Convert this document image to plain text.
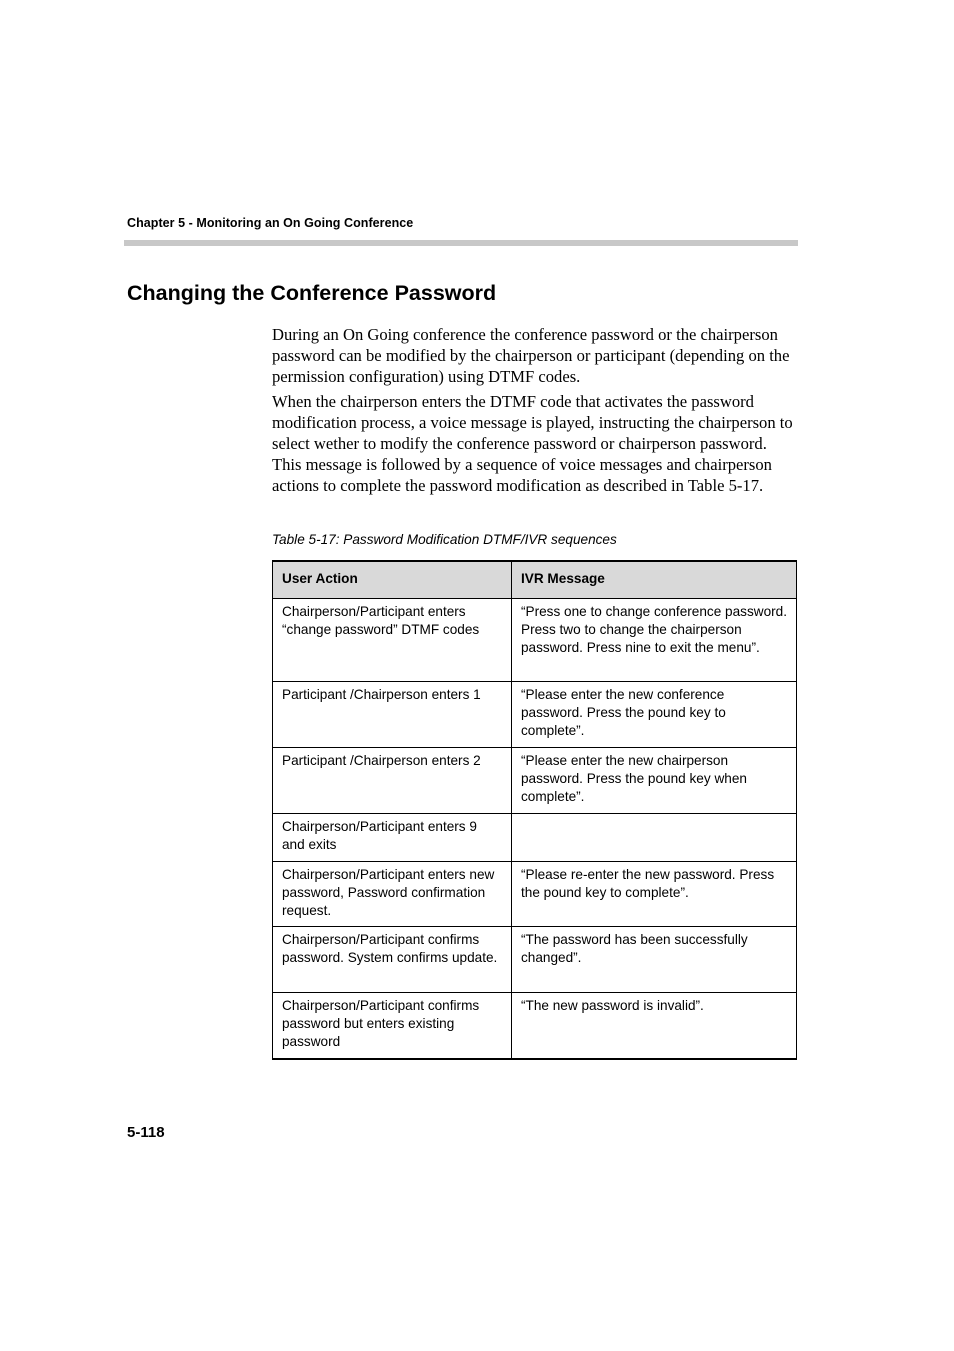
Chapter 5 - Monitoring an On Going Conference
Changing the Conference Password

During an On Going conference the conference password or the chairperson password can be modified by the chairperson or participant (depending on the permission configuration) using DTMF codes.

When the chairperson enters the DTMF code that activates the password modification process, a voice message is played, instructing the chairperson to select wether to modify the conference password or chairperson password. This message is followed by a sequence of voice messages and chairperson actions to complete the password modification as described in Table 5-17.

Table 5-17: Password Modification DTMF/IVR sequences
User Action	IVR Message
Chairperson/Participant enters “change password” DTMF codes	“Press one to change conference password. Press two to change the chairperson password. Press nine to exit the menu”.
Participant /Chairperson enters 1	“Please enter the new conference password. Press the pound key to complete”.
Participant /Chairperson enters 2	“Please enter the new chairperson password. Press the pound key when complete”.
Chairperson/Participant enters 9 and exits	
Chairperson/Participant enters new password, Password confirmation request.	“Please re-enter the new password. Press the pound key to complete”.
Chairperson/Participant confirms password. System confirms update.	“The password has been successfully changed”.
Chairperson/Participant confirms password but enters existing password	“The new password is invalid”.
5-118
